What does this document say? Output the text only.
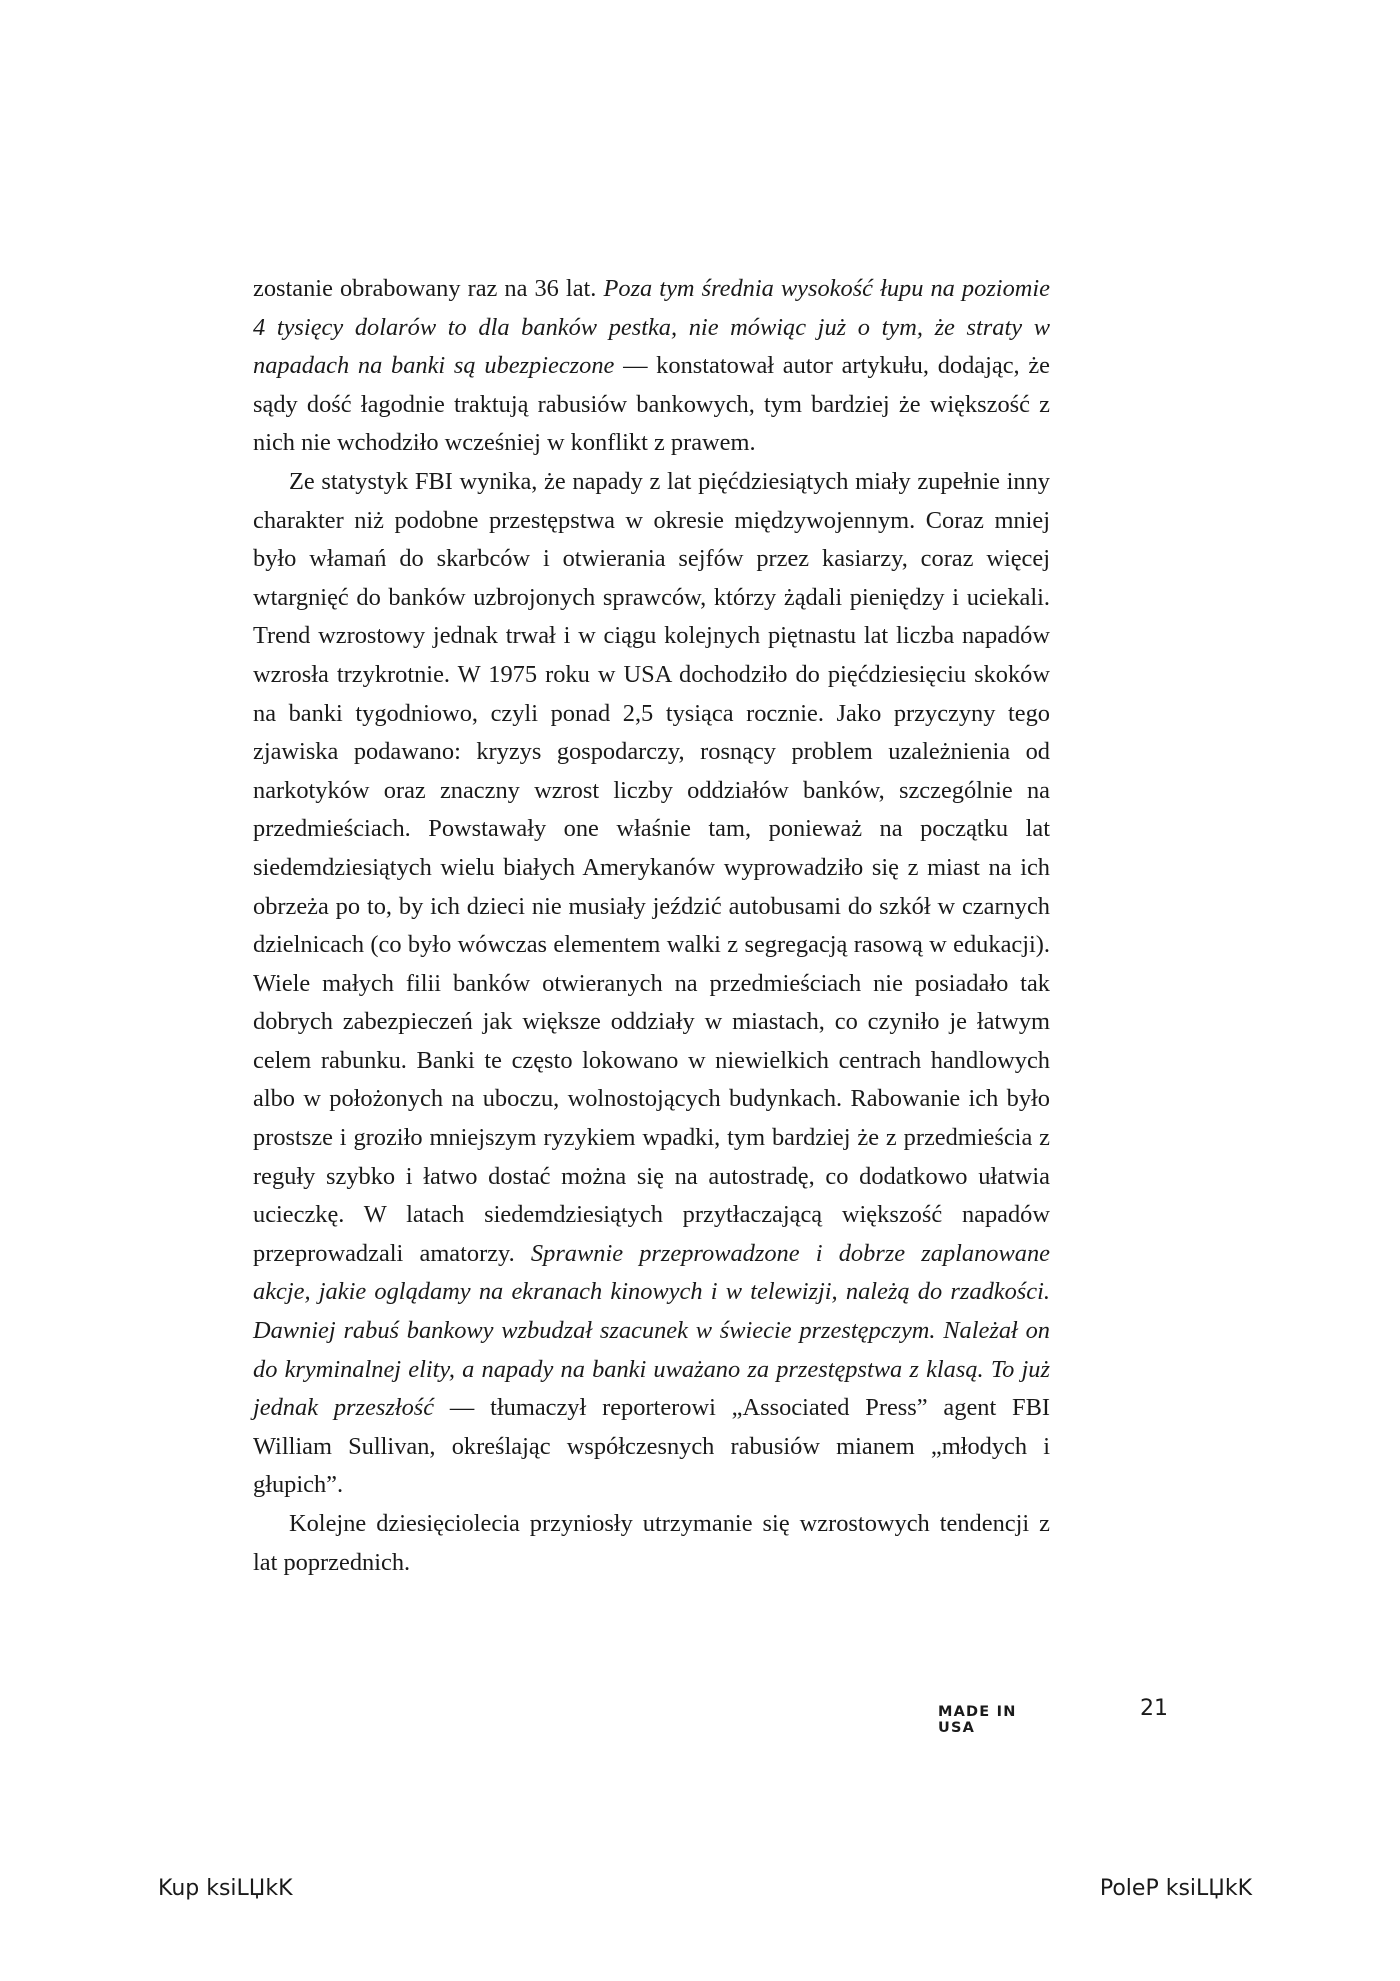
zostanie obrabowany raz na 36 lat. Poza tym średnia wysokość łupu na poziomie 4 tysięcy dolarów to dla banków pestka, nie mówiąc już o tym, że straty w napadach na banki są ubezpieczone — konstatował autor artykułu, dodając, że sądy dość łagodnie traktują rabusiów bankowych, tym bardziej że większość z nich nie wchodziło wcześniej w konflikt z prawem.

Ze statystyk FBI wynika, że napady z lat pięćdziesiątych miały zupełnie inny charakter niż podobne przestępstwa w okresie międzywojennym. Coraz mniej było włamań do skarbców i otwierania sejfów przez kasiarzy, coraz więcej wtargnięć do banków uzbrojonych sprawców, którzy żądali pieniędzy i uciekali. Trend wzrostowy jednak trwał i w ciągu kolejnych piętnastu lat liczba napadów wzrosła trzykrotnie. W 1975 roku w USA dochodziło do pięćdziesięciu skoków na banki tygodniowo, czyli ponad 2,5 tysiąca rocznie. Jako przyczyny tego zjawiska podawano: kryzys gospodarczy, rosnący problem uzależnienia od narkotyków oraz znaczny wzrost liczby oddziałów banków, szczególnie na przedmieściach. Powstawały one właśnie tam, ponieważ na początku lat siedemdziesiątych wielu białych Amerykanów wyprowadziło się z miast na ich obrzeża po to, by ich dzieci nie musiały jeździć autobusami do szkół w czarnych dzielnicach (co było wówczas elementem walki z segregacją rasową w edukacji). Wiele małych filii banków otwieranych na przedmieściach nie posiadało tak dobrych zabezpieczeń jak większe oddziały w miastach, co czyniło je łatwym celem rabunku. Banki te często lokowano w niewielkich centrach handlowych albo w położonych na uboczu, wolnostojących budynkach. Rabowanie ich było prostsze i groziło mniejszym ryzykiem wpadki, tym bardziej że z przedmieścia z reguły szybko i łatwo dostać można się na autostradę, co dodatkowo ułatwia ucieczkę. W latach siedemdziesiątych przytłaczającą większość napadów przeprowadzali amatorzy. Sprawnie przeprowadzone i dobrze zaplanowane akcje, jakie oglądamy na ekranach kinowych i w telewizji, należą do rzadkości. Dawniej rabuś bankowy wzbudzał szacunek w świecie przestępczym. Należał on do kryminalnej elity, a napady na banki uważano za przestępstwa z klasą. To już jednak przeszłość — tłumaczył reporterowi „Associated Press” agent FBI William Sullivan, określając współczesnych rabusiów mianem „młodych i głupich”.

Kolejne dziesięciolecia przyniosły utrzymanie się wzrostowych tendencji z lat poprzednich.

MADE IN USA
21
Kup ksiLЏkK	PoleP ksiLЏkK
